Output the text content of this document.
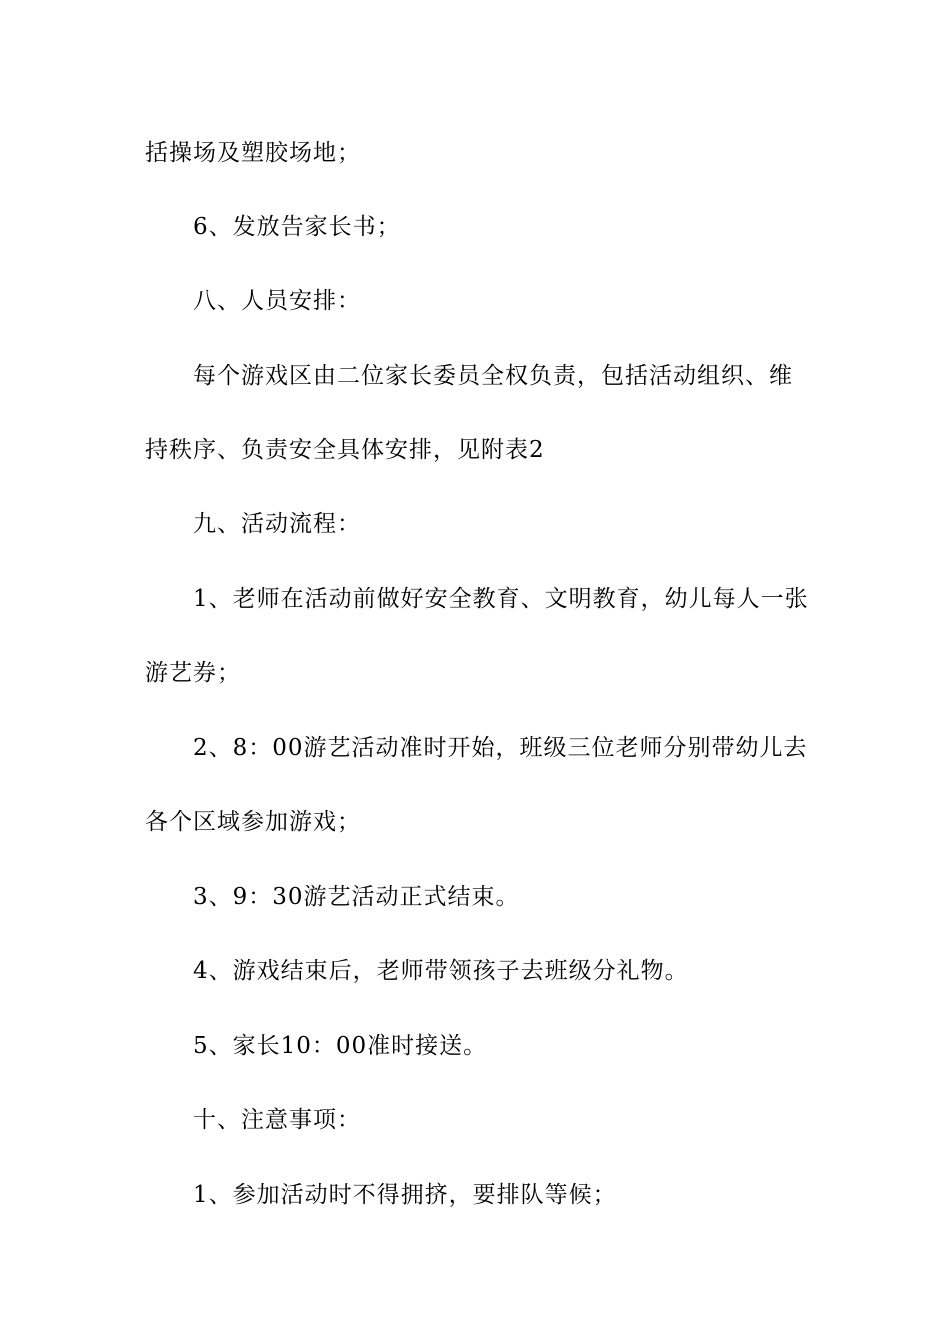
括操场及塑胶场地；
6、发放告家长书；
八、人员安排：
每个游戏区由二位家长委员全权负责，包括活动组织、维
持秩序、负责安全具体安排，见附表2
九、活动流程：
1、老师在活动前做好安全教育、文明教育，幼儿每人一张
游艺券；
2、8：00游艺活动准时开始，班级三位老师分别带幼儿去
各个区域参加游戏；
3、9：30游艺活动正式结束。
4、游戏结束后，老师带领孩子去班级分礼物。
5、家长10：00准时接送。
十、注意事项：
1、参加活动时不得拥挤，要排队等候；
